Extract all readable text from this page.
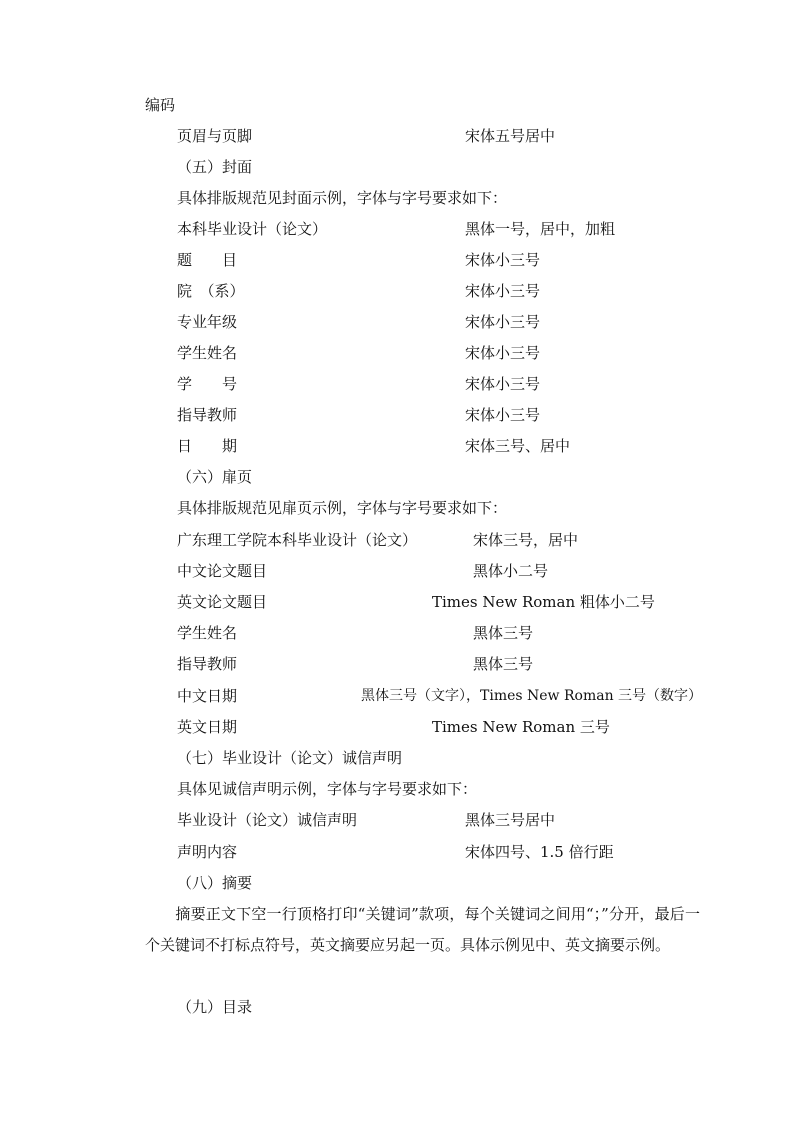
编码
页眉与页脚	宋体五号居中
（五）封面
具体排版规范见封面示例，字体与字号要求如下：
本科毕业设计（论文）	黑体一号，居中，加粗
题　　目	宋体小三号
院　（系）	宋体小三号
专业年级	宋体小三号
学生姓名	宋体小三号
学　　号	宋体小三号
指导教师	宋体小三号
日　　期	宋体三号、居中
（六）扉页
具体排版规范见扉页示例，字体与字号要求如下：
广东理工学院本科毕业设计（论文）	宋体三号，居中
中文论文题目	黑体小二号
英文论文题目	Times New Roman 粗体小二号
学生姓名	黑体三号
指导教师	黑体三号
中文日期	黑体三号（文字），Times New Roman 三号（数字）
英文日期	Times New Roman 三号
（七）毕业设计（论文）诚信声明
具体见诚信声明示例，字体与字号要求如下：
毕业设计（论文）诚信声明	黑体三号居中
声明内容	宋体四号、1.5 倍行距
（八）摘要
　　摘要正文下空一行顶格打印“关键词”款项，每个关键词之间用“；”分开，最后一个关键词不打标点符号，英文摘要应另起一页。具体示例见中、英文摘要示例。
（九）目录
